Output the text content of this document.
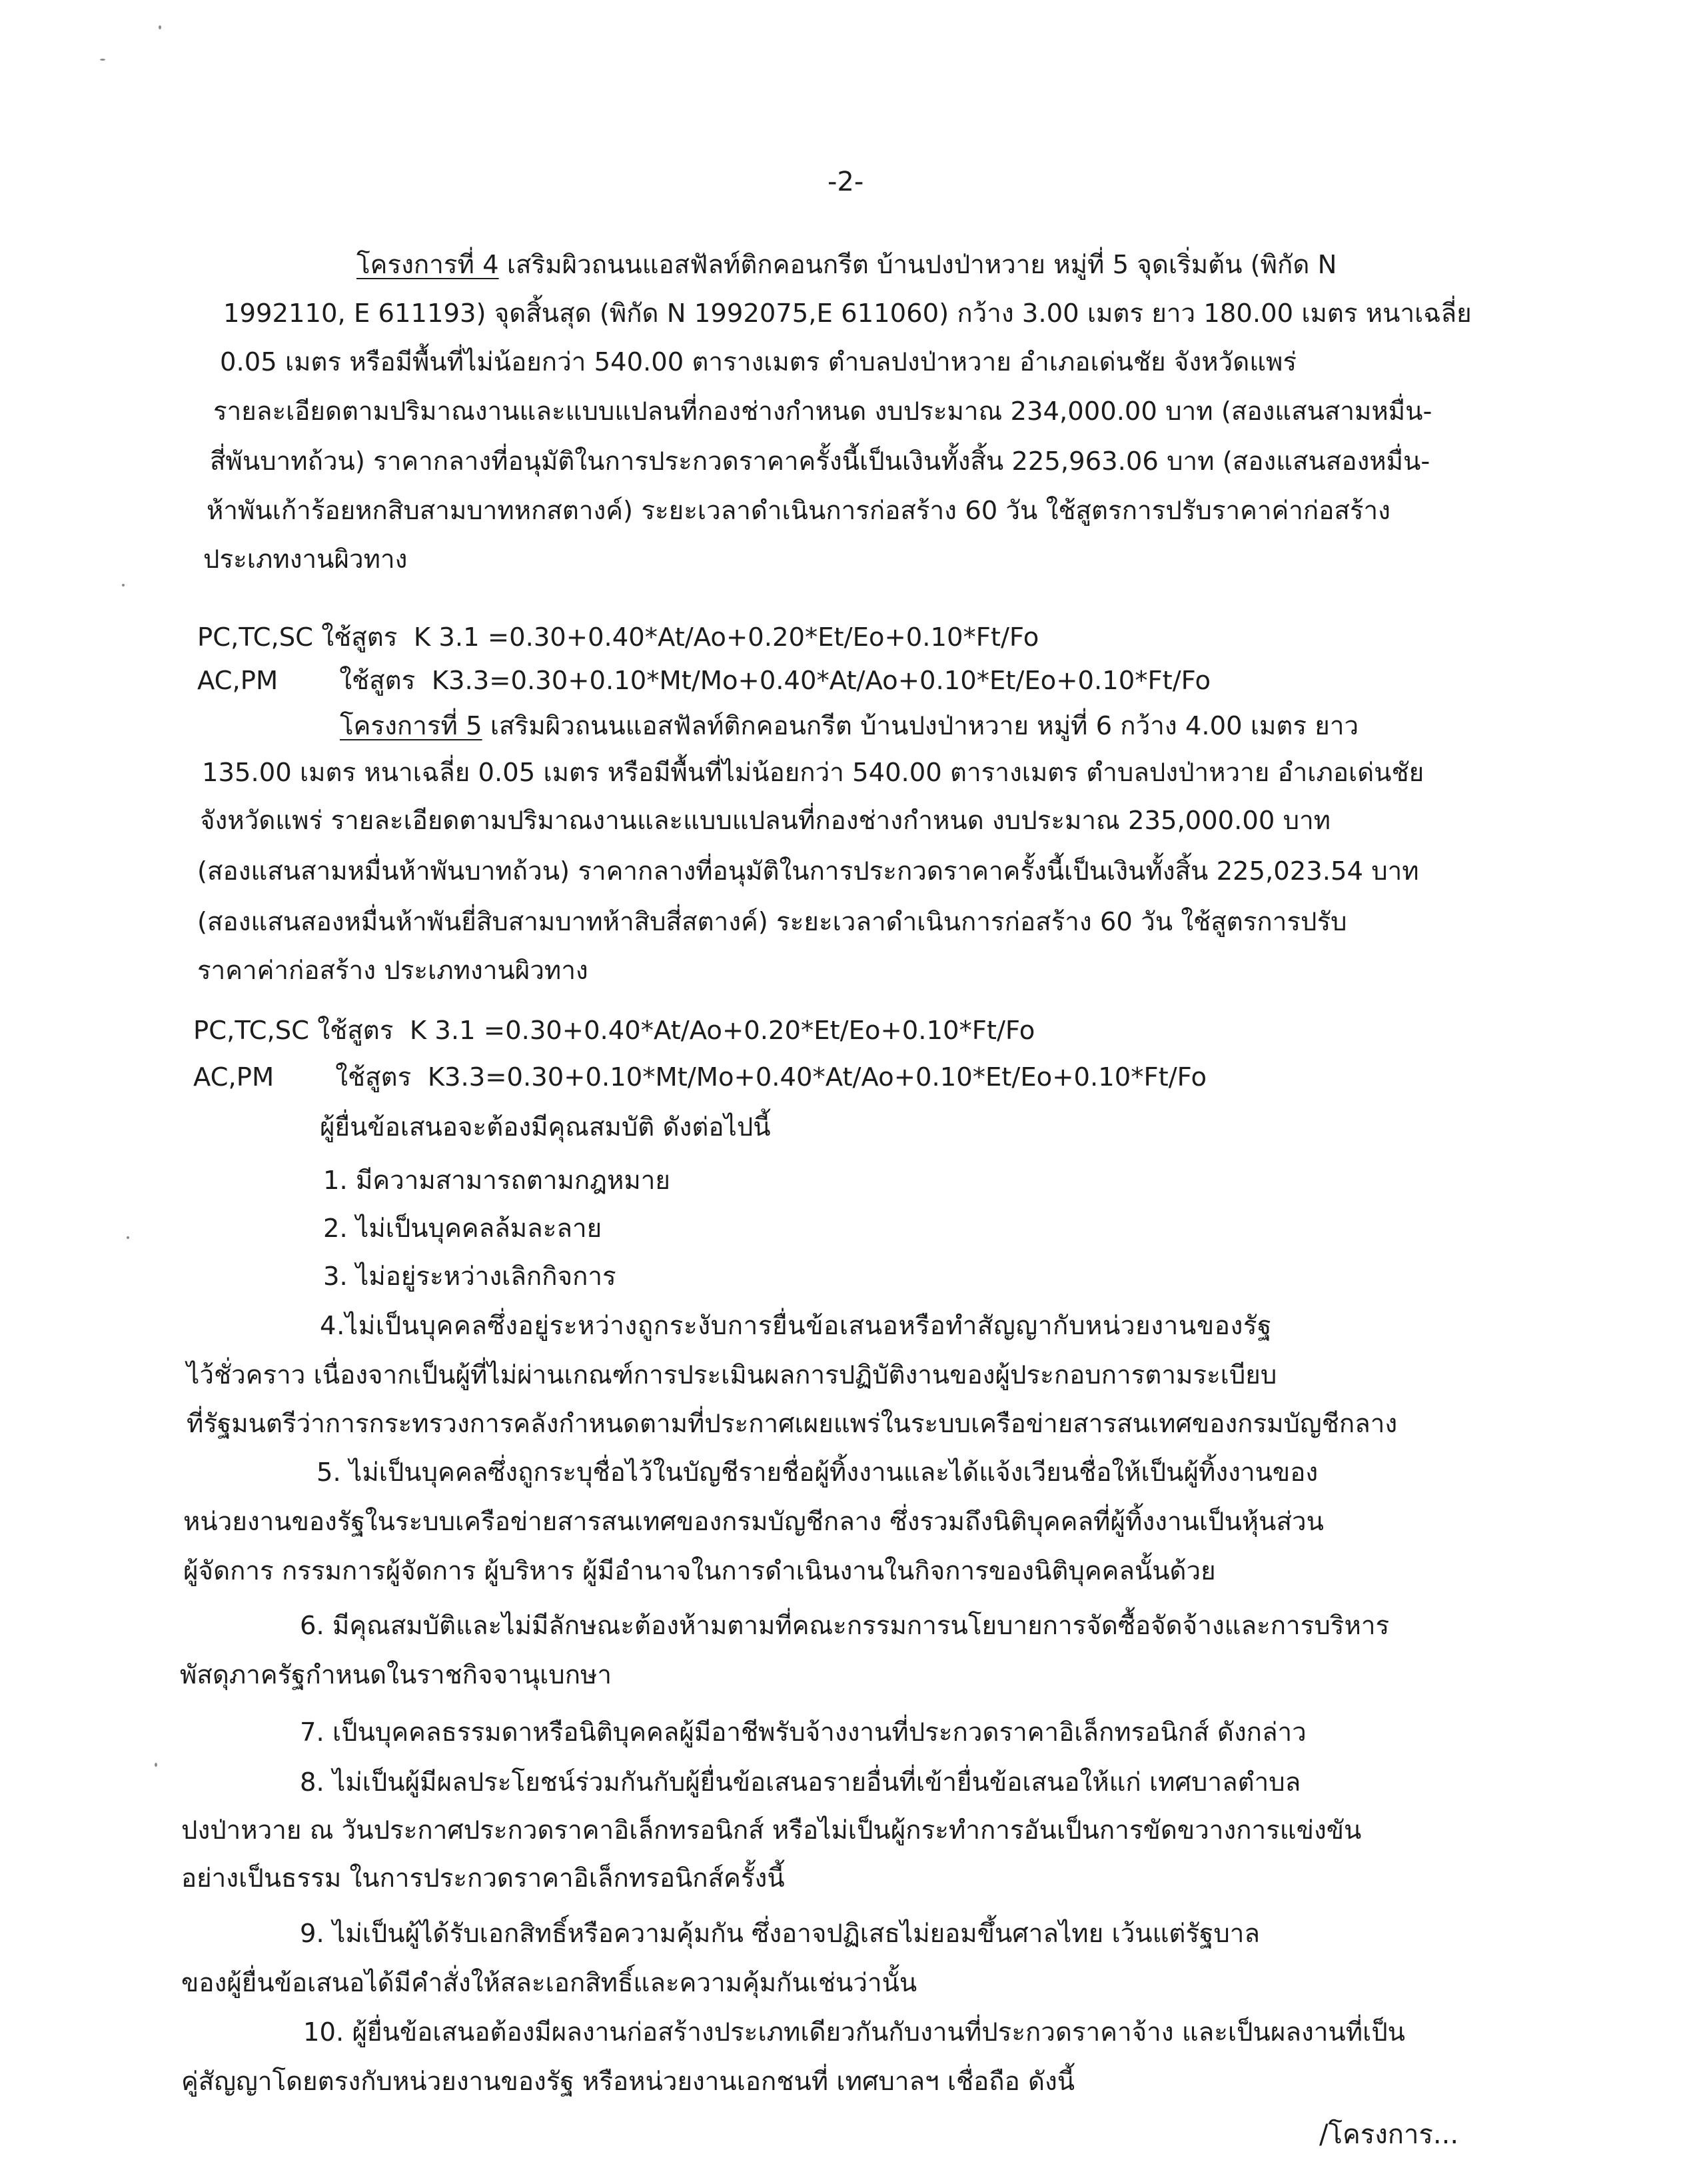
-2-
โครงการที่ 4 เสริมผิวถนนแอสฟัลท์ติกคอนกรีต บ้านปงป่าหวาย หมู่ที่ 5 จุดเริ่มต้น (พิกัด N
1992110, E 611193) จุดสิ้นสุด (พิกัด N 1992075,E 611060) กว้าง 3.00 เมตร ยาว 180.00 เมตร หนาเฉลี่ย
0.05 เมตร หรือมีพื้นที่ไม่น้อยกว่า 540.00 ตารางเมตร ตำบลปงป่าหวาย อำเภอเด่นชัย จังหวัดแพร่
รายละเอียดตามปริมาณงานและแบบแปลนที่กองช่างกำหนด งบประมาณ 234,000.00 บาท (สองแสนสามหมื่น-
สี่พันบาทถ้วน) ราคากลางที่อนุมัติในการประกวดราคาครั้งนี้เป็นเงินทั้งสิ้น 225,963.06 บาท (สองแสนสองหมื่น-
ห้าพันเก้าร้อยหกสิบสามบาทหกสตางค์) ระยะเวลาดำเนินการก่อสร้าง 60 วัน ใช้สูตรการปรับราคาค่าก่อสร้าง
ประเภทงานผิวทาง
PC,TC,SC ใช้สูตร K 3.1 =0.30+0.40*At/Ao+0.20*Et/Eo+0.10*Ft/Fo
AC,PM ใช้สูตร K3.3=0.30+0.10*Mt/Mo+0.40*At/Ao+0.10*Et/Eo+0.10*Ft/Fo
โครงการที่ 5 เสริมผิวถนนแอสฟัลท์ติกคอนกรีต บ้านปงป่าหวาย หมู่ที่ 6 กว้าง 4.00 เมตร ยาว
135.00 เมตร หนาเฉลี่ย 0.05 เมตร หรือมีพื้นที่ไม่น้อยกว่า 540.00 ตารางเมตร ตำบลปงป่าหวาย อำเภอเด่นชัย
จังหวัดแพร่ รายละเอียดตามปริมาณงานและแบบแปลนที่กองช่างกำหนด งบประมาณ 235,000.00 บาท
(สองแสนสามหมื่นห้าพันบาทถ้วน) ราคากลางที่อนุมัติในการประกวดราคาครั้งนี้เป็นเงินทั้งสิ้น 225,023.54 บาท
(สองแสนสองหมื่นห้าพันยี่สิบสามบาทห้าสิบสี่สตางค์) ระยะเวลาดำเนินการก่อสร้าง 60 วัน ใช้สูตรการปรับ
ราคาค่าก่อสร้าง ประเภทงานผิวทาง
PC,TC,SC ใช้สูตร K 3.1 =0.30+0.40*At/Ao+0.20*Et/Eo+0.10*Ft/Fo
AC,PM ใช้สูตร K3.3=0.30+0.10*Mt/Mo+0.40*At/Ao+0.10*Et/Eo+0.10*Ft/Fo
ผู้ยื่นข้อเสนอจะต้องมีคุณสมบัติ ดังต่อไปนี้
1. มีความสามารถตามกฎหมาย
2. ไม่เป็นบุคคลล้มละลาย
3. ไม่อยู่ระหว่างเลิกกิจการ
4.ไม่เป็นบุคคลซึ่งอยู่ระหว่างถูกระงับการยื่นข้อเสนอหรือทำสัญญากับหน่วยงานของรัฐ
ไว้ชั่วคราว เนื่องจากเป็นผู้ที่ไม่ผ่านเกณฑ์การประเมินผลการปฏิบัติงานของผู้ประกอบการตามระเบียบ
ที่รัฐมนตรีว่าการกระทรวงการคลังกำหนดตามที่ประกาศเผยแพร่ในระบบเครือข่ายสารสนเทศของกรมบัญชีกลาง
5. ไม่เป็นบุคคลซึ่งถูกระบุชื่อไว้ในบัญชีรายชื่อผู้ทิ้งงานและได้แจ้งเวียนชื่อให้เป็นผู้ทิ้งงานของ
หน่วยงานของรัฐในระบบเครือข่ายสารสนเทศของกรมบัญชีกลาง ซึ่งรวมถึงนิติบุคคลที่ผู้ทิ้งงานเป็นหุ้นส่วน
ผู้จัดการ กรรมการผู้จัดการ ผู้บริหาร ผู้มีอำนาจในการดำเนินงานในกิจการของนิติบุคคลนั้นด้วย
6. มีคุณสมบัติและไม่มีลักษณะต้องห้ามตามที่คณะกรรมการนโยบายการจัดซื้อจัดจ้างและการบริหาร
พัสดุภาครัฐกำหนดในราชกิจจานุเบกษา
7. เป็นบุคคลธรรมดาหรือนิติบุคคลผู้มีอาชีพรับจ้างงานที่ประกวดราคาอิเล็กทรอนิกส์ ดังกล่าว
8. ไม่เป็นผู้มีผลประโยชน์ร่วมกันกับผู้ยื่นข้อเสนอรายอื่นที่เข้ายื่นข้อเสนอให้แก่ เทศบาลตำบล
ปงป่าหวาย ณ วันประกาศประกวดราคาอิเล็กทรอนิกส์ หรือไม่เป็นผู้กระทำการอันเป็นการขัดขวางการแข่งขัน
อย่างเป็นธรรม ในการประกวดราคาอิเล็กทรอนิกส์ครั้งนี้
9. ไม่เป็นผู้ได้รับเอกสิทธิ์หรือความคุ้มกัน ซึ่งอาจปฏิเสธไม่ยอมขึ้นศาลไทย เว้นแต่รัฐบาล
ของผู้ยื่นข้อเสนอได้มีคำสั่งให้สละเอกสิทธิ์และความคุ้มกันเช่นว่านั้น
10. ผู้ยื่นข้อเสนอต้องมีผลงานก่อสร้างประเภทเดียวกันกับงานที่ประกวดราคาจ้าง และเป็นผลงานที่เป็น
คู่สัญญาโดยตรงกับหน่วยงานของรัฐ หรือหน่วยงานเอกชนที่ เทศบาลฯ เชื่อถือ ดังนี้
/โครงการ...
